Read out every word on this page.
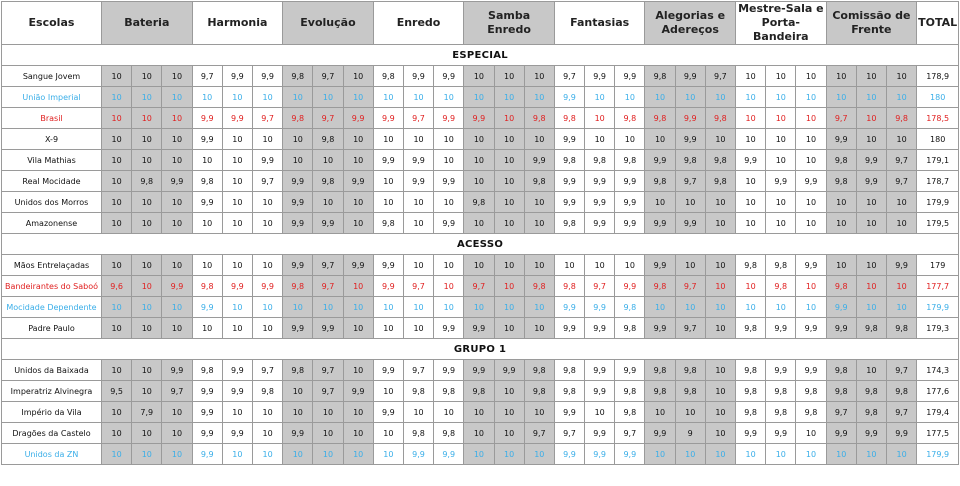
Escolas	Bateria			Harmonia			Evolução			Enredo			Samba Enredo			Fantasias			Alegorias e Adereços			Mestre-Sala e Porta-Bandeira			Comissão de Frente			TOTAL
ESPECIAL																												
Sangue Jovem	10	10	10	9,7	9,9	9,9	9,8	9,7	10	9,8	9,9	9,9	10	10	10	9,7	9,9	9,9	9,8	9,9	9,7	10	10	10	10	10	10	178,9
União Imperial	10	10	10	10	10	10	10	10	10	10	10	10	10	10	10	9,9	10	10	10	10	10	10	10	10	10	10	10	180
Brasil	10	10	10	9,9	9,9	9,7	9,8	9,7	9,9	9,9	9,7	9,9	9,9	10	9,8	9,8	10	9,8	9,8	9,9	9,8	10	10	10	9,7	10	9,8	178,5
X-9	10	10	10	9,9	10	10	10	9,8	10	10	10	10	10	10	10	9,9	10	10	10	9,9	10	10	10	10	9,9	10	10	180
Vila Mathias	10	10	10	10	10	9,9	10	10	10	9,9	9,9	10	10	10	9,9	9,8	9,8	9,8	9,9	9,8	9,8	9,9	10	10	9,8	9,9	9,7	179,1
Real Mocidade	10	9,8	9,9	9,8	10	9,7	9,9	9,8	9,9	10	9,9	9,9	10	10	9,8	9,9	9,9	9,9	9,8	9,7	9,8	10	9,9	9,9	9,8	9,9	9,7	178,7
Unidos dos Morros	10	10	10	9,9	10	10	9,9	10	10	10	10	10	9,8	10	10	9,9	9,9	9,9	10	10	10	10	10	10	10	10	10	179,9
Amazonense	10	10	10	10	10	10	9,9	9,9	10	9,8	10	9,9	10	10	10	9,8	9,9	9,9	9,9	9,9	10	10	10	10	10	10	10	179,5
ACESSO																												
Mãos Entrelaçadas	10	10	10	10	10	10	9,9	9,7	9,9	9,9	10	10	10	10	10	10	10	10	9,9	10	10	9,8	9,8	9,9	10	10	9,9	179
Bandeirantes do Saboó	9,6	10	9,9	9,8	9,9	9,9	9,8	9,7	10	9,9	9,7	10	9,7	10	9,8	9,8	9,7	9,9	9,8	9,7	10	10	9,8	10	9,8	10	10	177,7
Mocidade Dependente	10	10	10	9,9	10	10	10	10	10	10	10	10	10	10	10	9,9	9,9	9,8	10	10	10	10	10	10	9,9	10	10	179,9
Padre Paulo	10	10	10	10	10	10	9,9	9,9	10	10	10	9,9	9,9	10	10	9,9	9,9	9,8	9,9	9,7	10	9,8	9,9	9,9	9,9	9,8	9,8	179,3
GRUPO 1																												
Unidos da Baixada	10	10	9,9	9,8	9,9	9,7	9,8	9,7	10	9,9	9,7	9,9	9,9	9,9	9,8	9,8	9,9	9,9	9,8	9,8	10	9,8	9,9	9,9	9,8	10	9,7	174,3
Imperatriz Alvinegra	9,5	10	9,7	9,9	9,9	9,8	10	9,7	9,9	10	9,8	9,8	9,8	10	9,8	9,8	9,9	9,8	9,8	9,8	10	9,8	9,8	9,8	9,8	9,8	9,8	177,6
Império da Vila	10	7,9	10	9,9	10	10	10	10	10	9,9	10	10	10	10	10	9,9	10	9,8	10	10	10	9,8	9,8	9,8	9,7	9,8	9,7	179,4
Dragões da Castelo	10	10	10	9,9	9,9	10	9,9	10	10	10	9,8	9,8	10	10	9,7	9,7	9,9	9,7	9,9	9	10	9,9	9,9	10	9,9	9,9	9,9	177,5
Unidos da ZN	10	10	10	9,9	10	10	10	10	10	10	9,9	9,9	10	10	10	9,9	9,9	9,9	10	10	10	10	10	10	10	10	10	179,9
